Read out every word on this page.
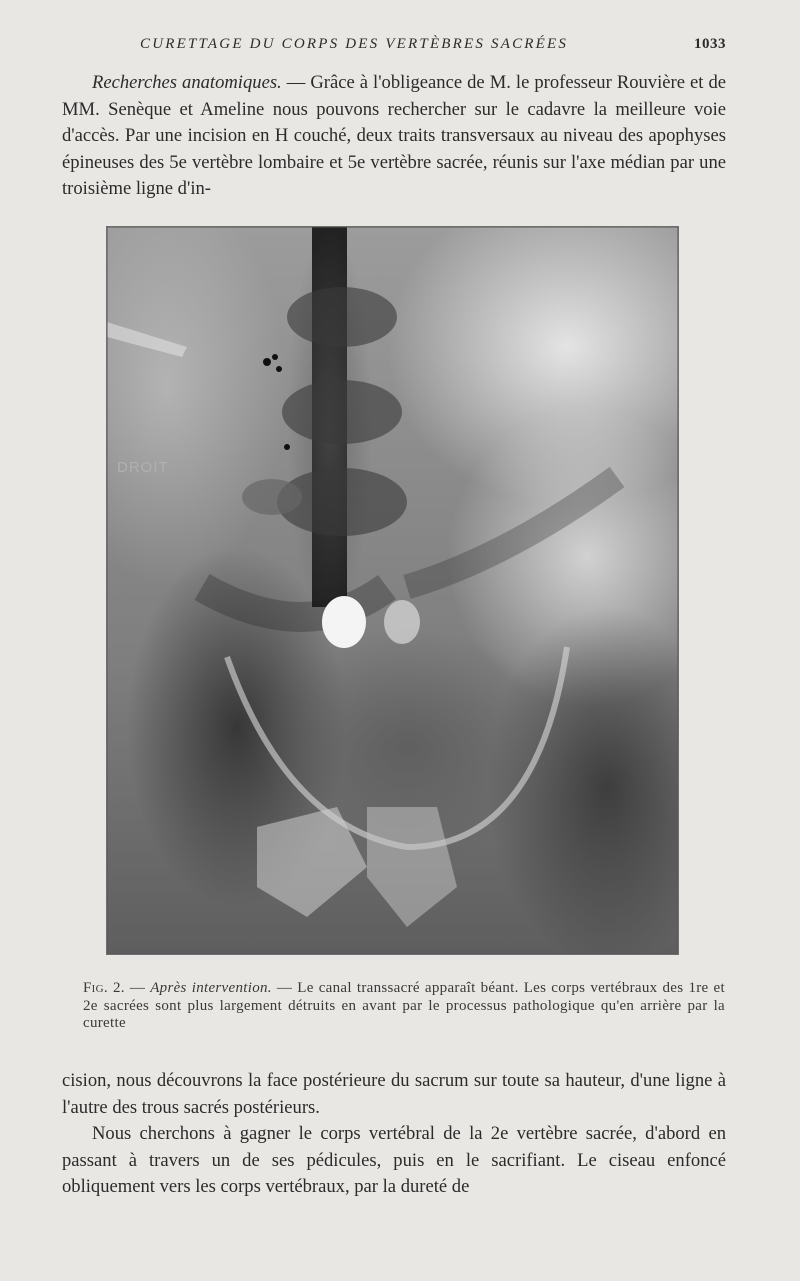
CURETTAGE DU CORPS DES VERTÈBRES SACRÉES	1033

Recherches anatomiques. — Grâce à l'obligeance de M. le professeur Rouvière et de MM. Senèque et Ameline nous pouvons rechercher sur le cadavre la meilleure voie d'accès. Par une incision en H couché, deux traits transversaux au niveau des apophyses épineuses des 5e vertèbre lombaire et 5e vertèbre sacrée, réunis sur l'axe médian par une troisième ligne d'in-

DROIT
Fig. 2. — Après intervention. — Le canal transsacré apparaît béant. Les corps vertébraux des 1re et 2e sacrées sont plus largement détruits en avant par le processus pathologique qu'en arrière par la curette

cision, nous découvrons la face postérieure du sacrum sur toute sa hauteur, d'une ligne à l'autre des trous sacrés postérieurs.

Nous cherchons à gagner le corps vertébral de la 2e vertèbre sacrée, d'abord en passant à travers un de ses pédicules, puis en le sacrifiant. Le ciseau enfoncé obliquement vers les corps vertébraux, par la dureté de
